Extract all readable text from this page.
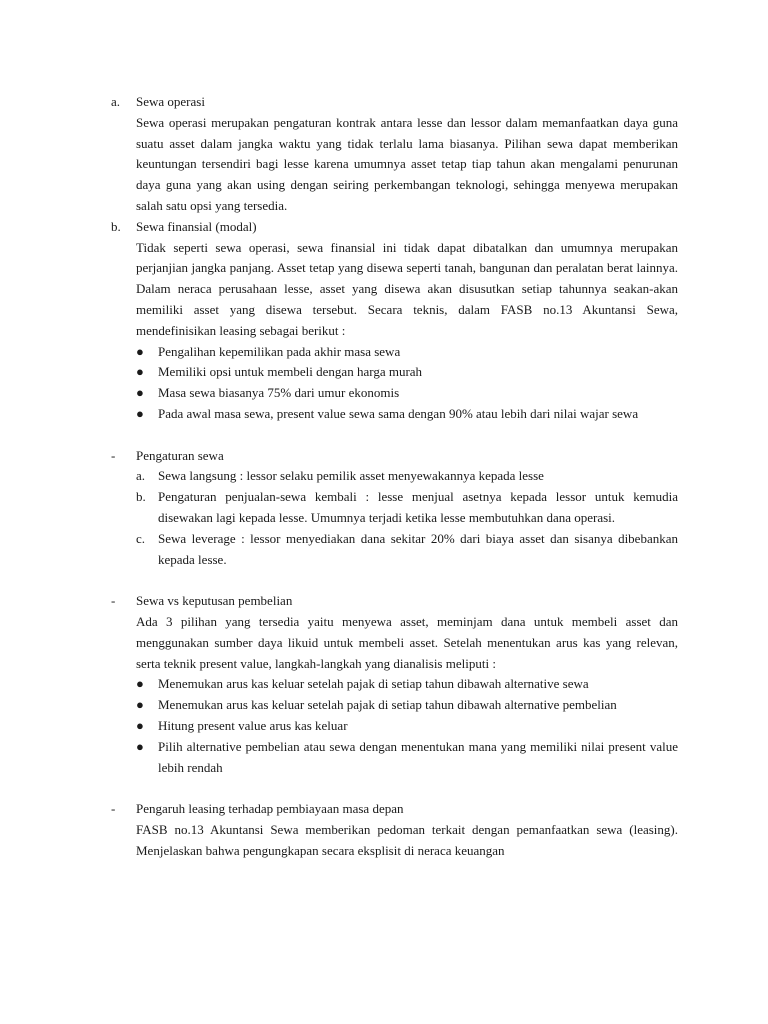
a.	Sewa operasi
Sewa operasi merupakan pengaturan kontrak antara lesse dan lessor dalam memanfaatkan daya guna suatu asset dalam jangka waktu yang tidak terlalu lama biasanya. Pilihan sewa dapat memberikan keuntungan tersendiri bagi lesse karena umumnya asset tetap tiap tahun akan mengalami penurunan daya guna yang akan using dengan seiring perkembangan teknologi, sehingga menyewa merupakan salah satu opsi yang tersedia.
b.	Sewa finansial (modal)
Tidak seperti sewa operasi, sewa finansial ini tidak dapat dibatalkan dan umumnya merupakan perjanjian jangka panjang. Asset tetap yang disewa seperti tanah, bangunan dan peralatan berat lainnya. Dalam neraca perusahaan lesse, asset yang disewa akan disusutkan setiap tahunnya seakan-akan memiliki asset yang disewa tersebut. Secara teknis, dalam FASB no.13 Akuntansi Sewa, mendefinisikan leasing sebagai berikut :
●	Pengalihan kepemilikan pada akhir masa sewa
●	Memiliki opsi untuk membeli dengan harga murah
●	Masa sewa biasanya 75% dari umur ekonomis
●	Pada awal masa sewa, present value sewa sama dengan 90% atau lebih dari nilai wajar sewa
-	Pengaturan sewa
a. Sewa langsung : lessor selaku pemilik asset menyewakannya kepada lesse
b. Pengaturan penjualan-sewa kembali : lesse menjual asetnya kepada lessor untuk kemudia disewakan lagi kepada lesse. Umumnya terjadi ketika lesse membutuhkan dana operasi.
c. Sewa leverage : lessor menyediakan dana sekitar 20% dari biaya asset dan sisanya dibebankan kepada lesse.
-	Sewa vs keputusan pembelian
Ada 3 pilihan yang tersedia yaitu menyewa asset, meminjam dana untuk membeli asset dan menggunakan sumber daya likuid untuk membeli asset. Setelah menentukan arus kas yang relevan, serta teknik present value, langkah-langkah yang dianalisis meliputi :
●	Menemukan arus kas keluar setelah pajak di setiap tahun dibawah alternative sewa
●	Menemukan arus kas keluar setelah pajak di setiap tahun dibawah alternative pembelian
●	Hitung present value arus kas keluar
●	Pilih alternative pembelian atau sewa dengan menentukan mana yang memiliki nilai present value lebih rendah
-	Pengaruh leasing terhadap pembiayaan masa depan
FASB no.13 Akuntansi Sewa memberikan pedoman terkait dengan pemanfaatkan sewa (leasing). Menjelaskan bahwa pengungkapan secara eksplisit di neraca keuangan
